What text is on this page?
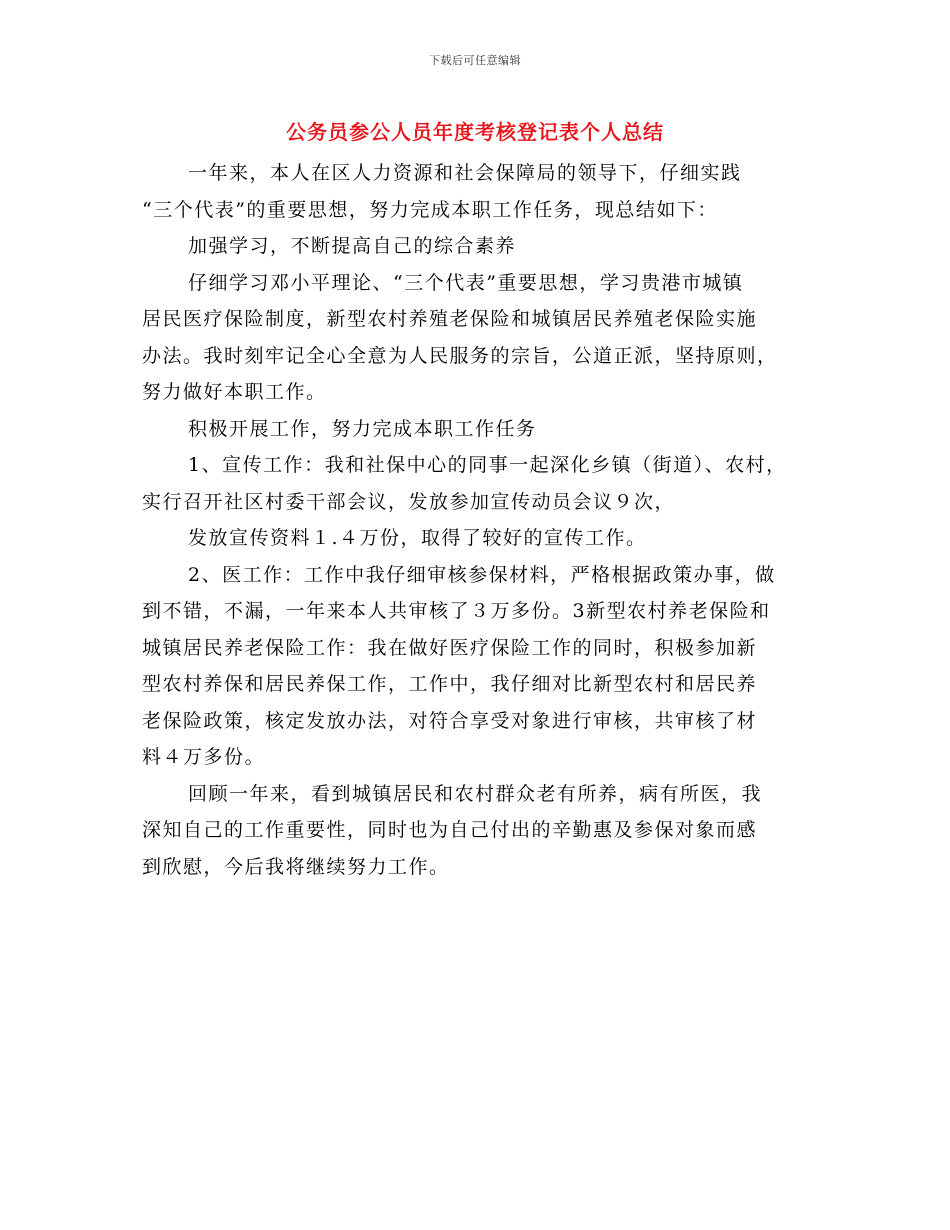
下载后可任意编辑
公务员参公人员年度考核登记表个人总结
一年来，本人在区人力资源和社会保障局的领导下，仔细实践
“三个代表”的重要思想，努力完成本职工作任务，现总结如下：
加强学习，不断提高自己的综合素养
仔细学习邓小平理论、“三个代表”重要思想，学习贵港市城镇
居民医疗保险制度，新型农村养殖老保险和城镇居民养殖老保险实施
办法。我时刻牢记全心全意为人民服务的宗旨，公道正派，坚持原则，
努力做好本职工作。
积极开展工作，努力完成本职工作任务
1、宣传工作：我和社保中心的同事一起深化乡镇（街道）、农村，
实行召开社区村委干部会议，发放参加宣传动员会议９次，
发放宣传资料１.４万份，取得了较好的宣传工作。
2、医工作：工作中我仔细审核参保材料，严格根据政策办事，做
到不错，不漏，一年来本人共审核了３万多份。3新型农村养老保险和
城镇居民养老保险工作：我在做好医疗保险工作的同时，积极参加新
型农村养保和居民养保工作，工作中，我仔细对比新型农村和居民养
老保险政策，核定发放办法，对符合享受对象进行审核，共审核了材
料４万多份。
回顾一年来，看到城镇居民和农村群众老有所养，病有所医，我
深知自己的工作重要性，同时也为自己付出的辛勤惠及参保对象而感
到欣慰，今后我将继续努力工作。
